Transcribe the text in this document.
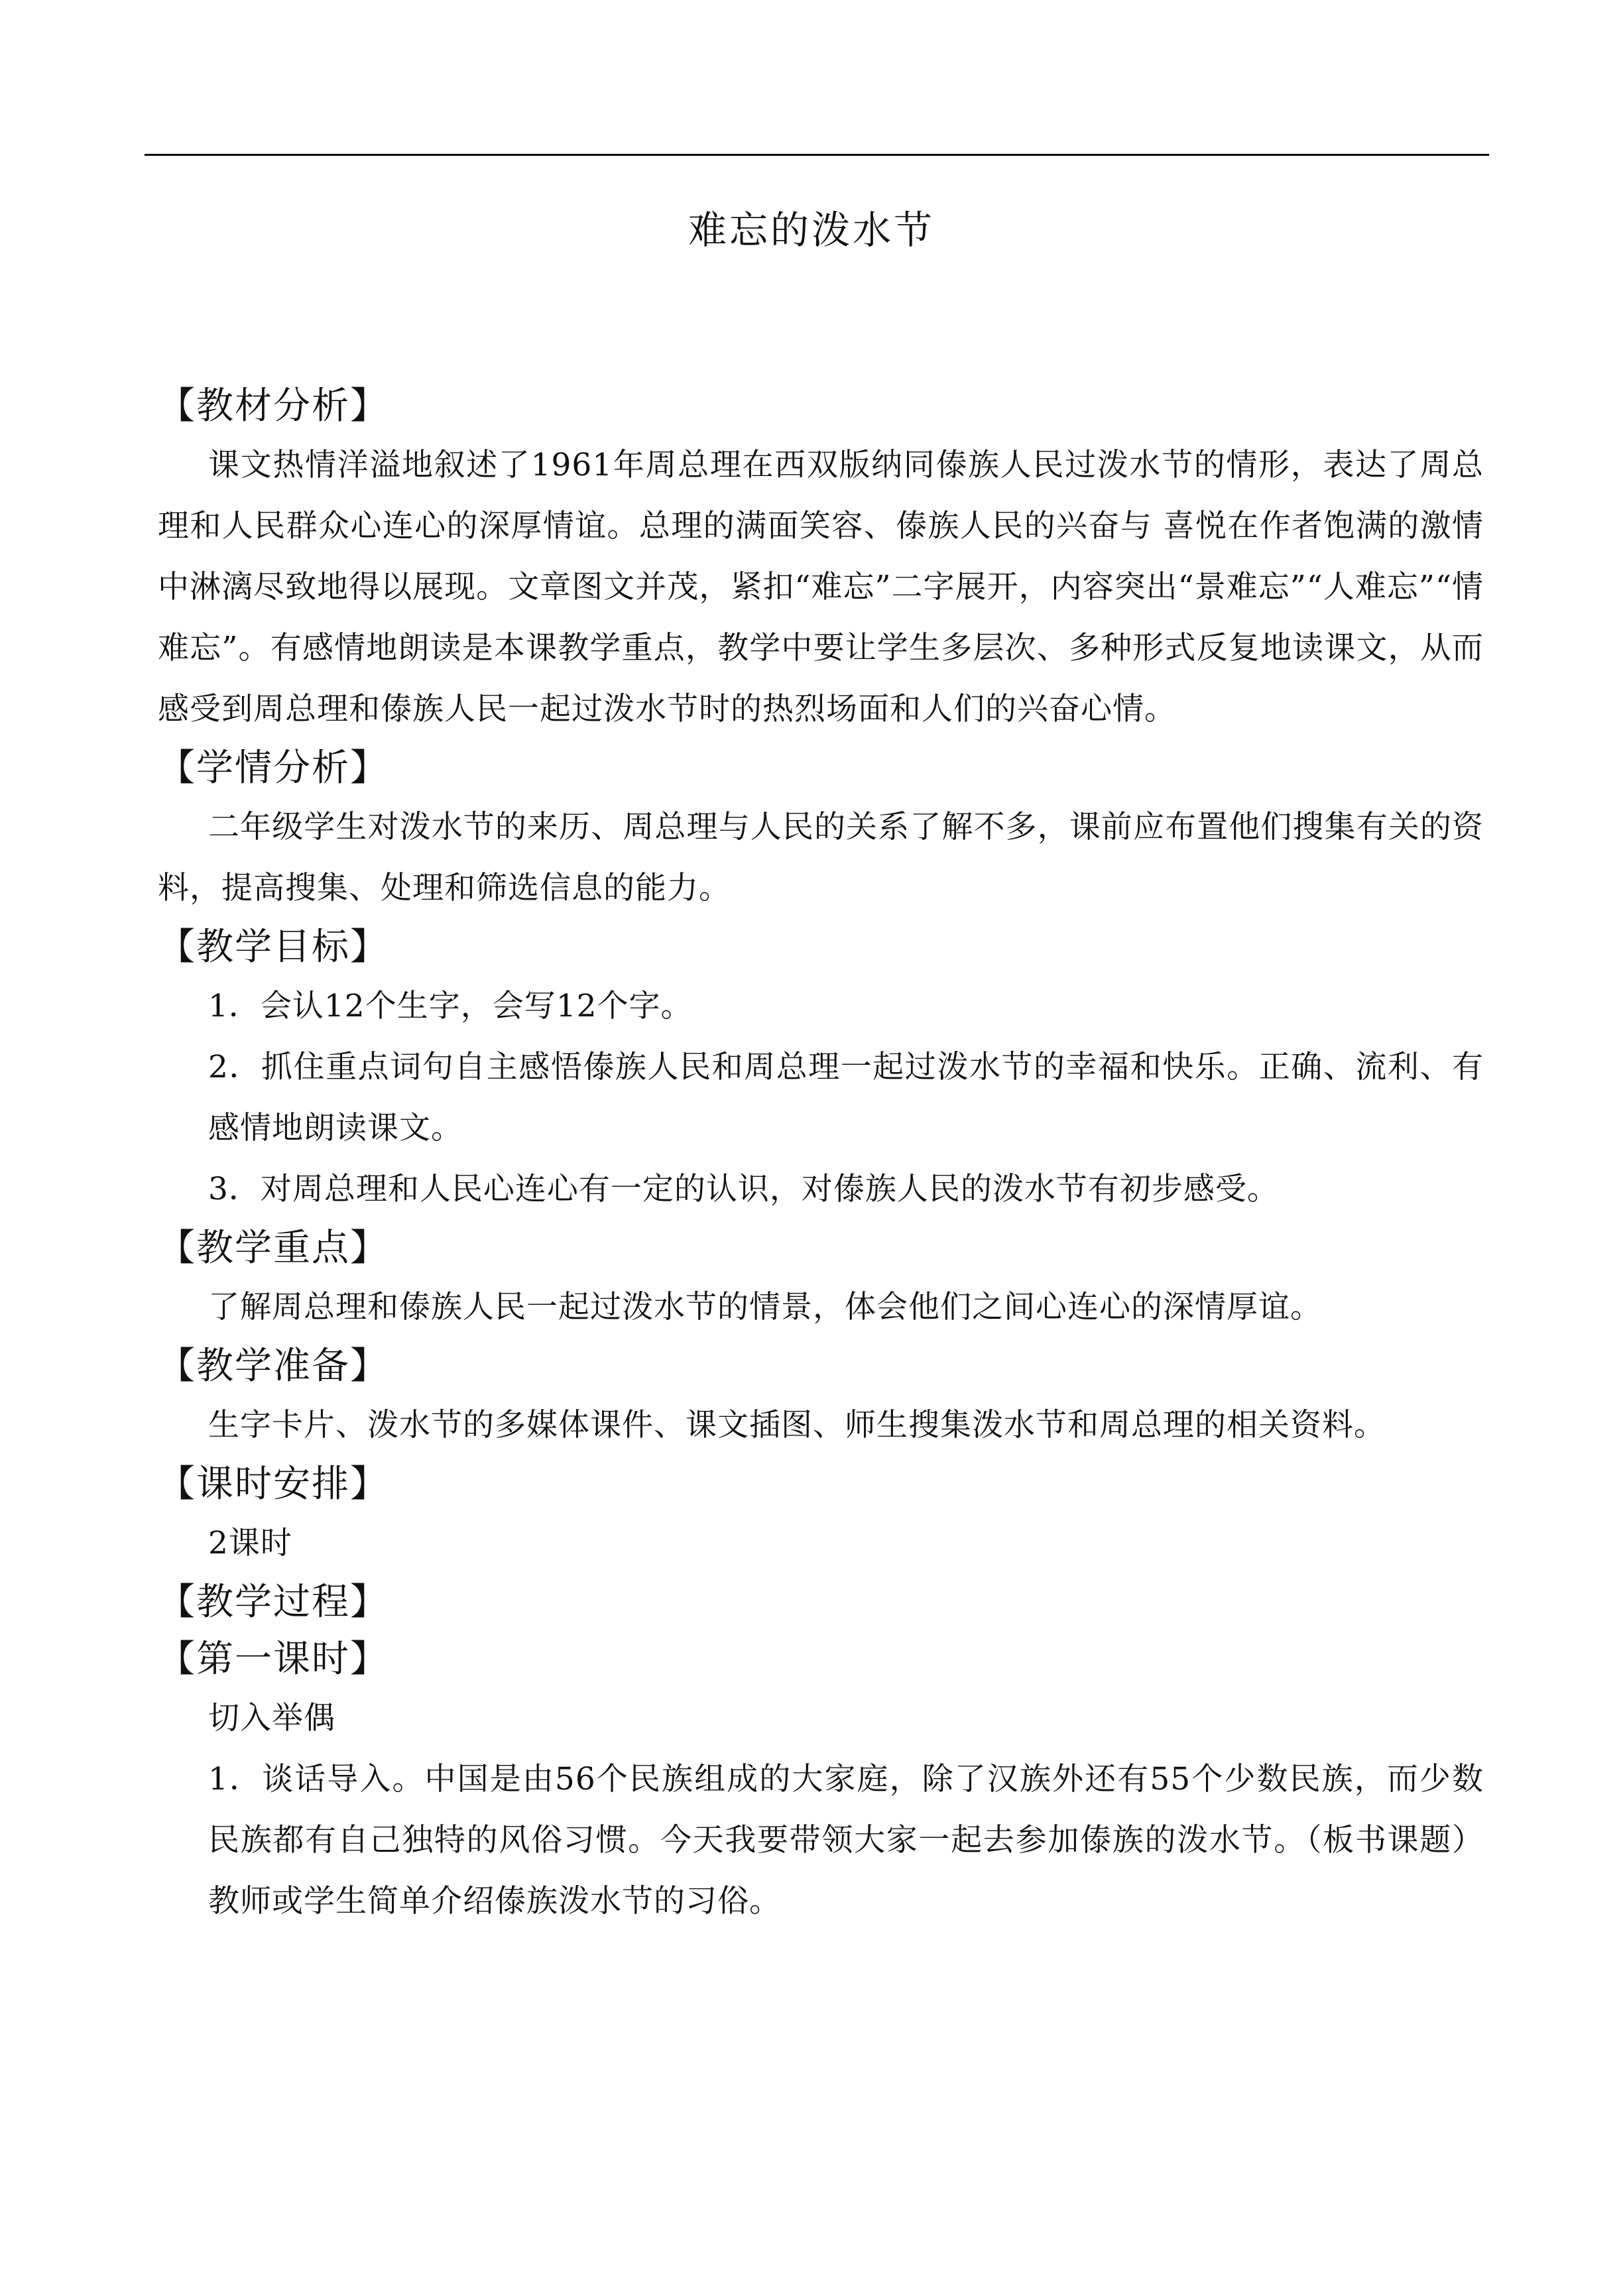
难忘的泼水节
【教材分析】
课文热情洋溢地叙述了1961年周总理在西双版纳同傣族人民过泼水节的情形，表达了周总理和人民群众心连心的深厚情谊。总理的满面笑容、傣族人民的兴奋与 喜悦在作者饱满的激情中淋漓尽致地得以展现。文章图文并茂，紧扣“难忘”二字展开，内容突出“景难忘”“人难忘”“情难忘”。有感情地朗读是本课教学重点，教学中要让学生多层次、多种形式反复地读课文，从而感受到周总理和傣族人民一起过泼水节时的热烈场面和人们的兴奋心情。
【学情分析】
二年级学生对泼水节的来历、周总理与人民的关系了解不多，课前应布置他们搜集有关的资料，提高搜集、处理和筛选信息的能力。
【教学目标】
1．会认12个生字，会写12个字。
2．抓住重点词句自主感悟傣族人民和周总理一起过泼水节的幸福和快乐。正确、流利、有感情地朗读课文。
3．对周总理和人民心连心有一定的认识，对傣族人民的泼水节有初步感受。
【教学重点】
了解周总理和傣族人民一起过泼水节的情景，体会他们之间心连心的深情厚谊。
【教学准备】
生字卡片、泼水节的多媒体课件、课文插图、师生搜集泼水节和周总理的相关资料。
【课时安排】
2课时
【教学过程】
【第一课时】
切入举偶
1．谈话导入。中国是由56个民族组成的大家庭，除了汉族外还有55个少数民族，而少数民族都有自己独特的风俗习惯。今天我要带领大家一起去参加傣族的泼水节。（板书课题）教师或学生简单介绍傣族泼水节的习俗。
